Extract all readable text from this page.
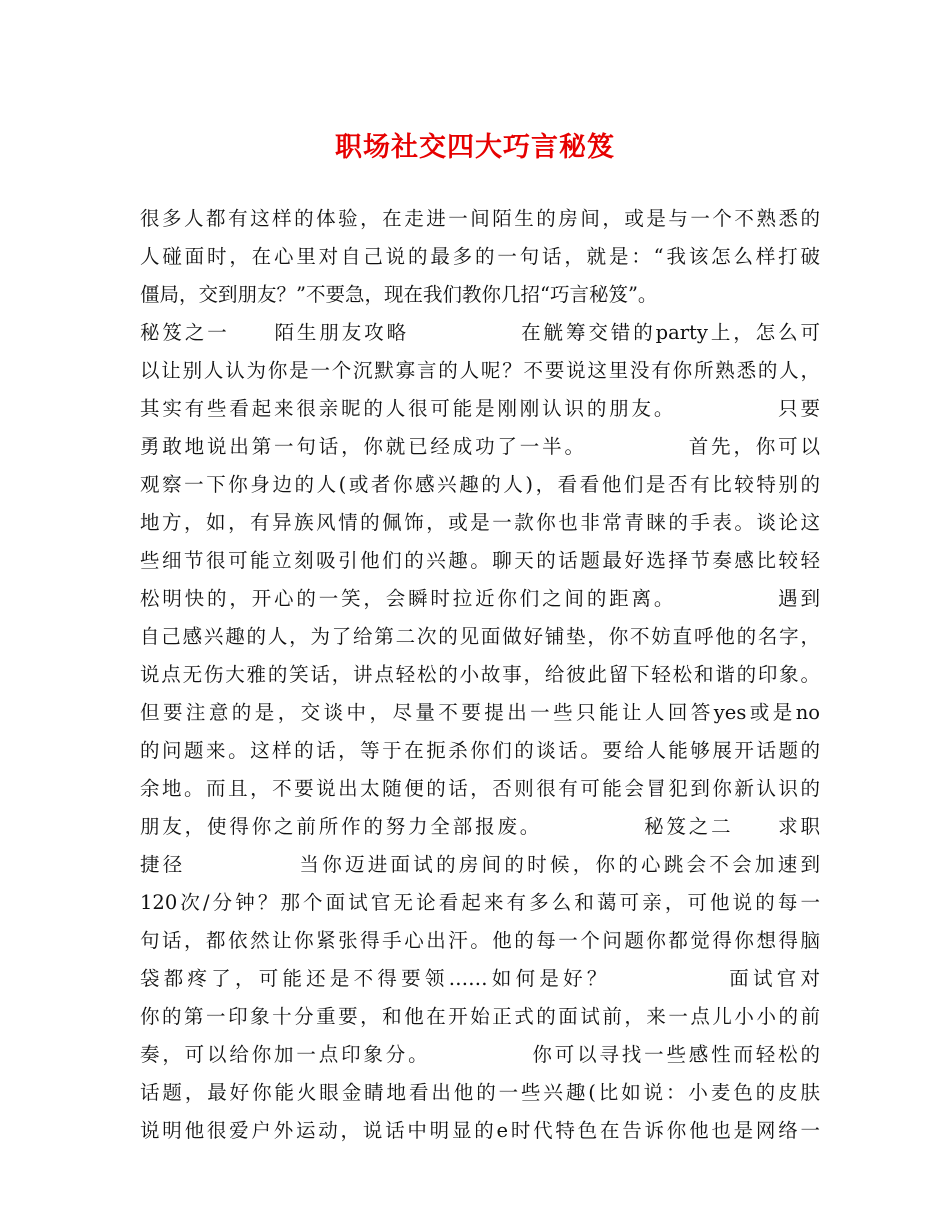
职场社交四大巧言秘笈
很多人都有这样的体验，在走进一间陌生的房间，或是与一个不熟悉的
人碰面时，在心里对自己说的最多的一句话，就是：“我该怎么样打破
僵局，交到朋友？”不要急，现在我们教你几招“巧言秘笈”。
秘笈之一　　陌生朋友攻略　　　　　在觥筹交错的party上，怎么可
以让别人认为你是一个沉默寡言的人呢？不要说这里没有你所熟悉的人，
其实有些看起来很亲昵的人很可能是刚刚认识的朋友。　　　　　只要
勇敢地说出第一句话，你就已经成功了一半。　　　　　首先，你可以
观察一下你身边的人(或者你感兴趣的人)，看看他们是否有比较特别的
地方，如，有异族风情的佩饰，或是一款你也非常青睐的手表。谈论这
些细节很可能立刻吸引他们的兴趣。聊天的话题最好选择节奏感比较轻
松明快的，开心的一笑，会瞬时拉近你们之间的距离。　　　　　遇到
自己感兴趣的人，为了给第二次的见面做好铺垫，你不妨直呼他的名字，
说点无伤大雅的笑话，讲点轻松的小故事，给彼此留下轻松和谐的印象。
但要注意的是，交谈中，尽量不要提出一些只能让人回答yes或是no
的问题来。这样的话，等于在扼杀你们的谈话。要给人能够展开话题的
余地。而且，不要说出太随便的话，否则很有可能会冒犯到你新认识的
朋友，使得你之前所作的努力全部报废。　　　　　秘笈之二　　求职
捷径　　　　　当你迈进面试的房间的时候，你的心跳会不会加速到
120次/分钟？那个面试官无论看起来有多么和蔼可亲，可他说的每一
句话，都依然让你紧张得手心出汗。他的每一个问题你都觉得你想得脑
袋都疼了，可能还是不得要领……如何是好？　　　　　面试官对
你的第一印象十分重要，和他在开始正式的面试前，来一点儿小小的前
奏，可以给你加一点印象分。　　　　　你可以寻找一些感性而轻松的
话题，最好你能火眼金睛地看出他的一些兴趣(比如说：小麦色的皮肤
说明他很爱户外运动，说话中明显的e时代特色在告诉你他也是网络一
